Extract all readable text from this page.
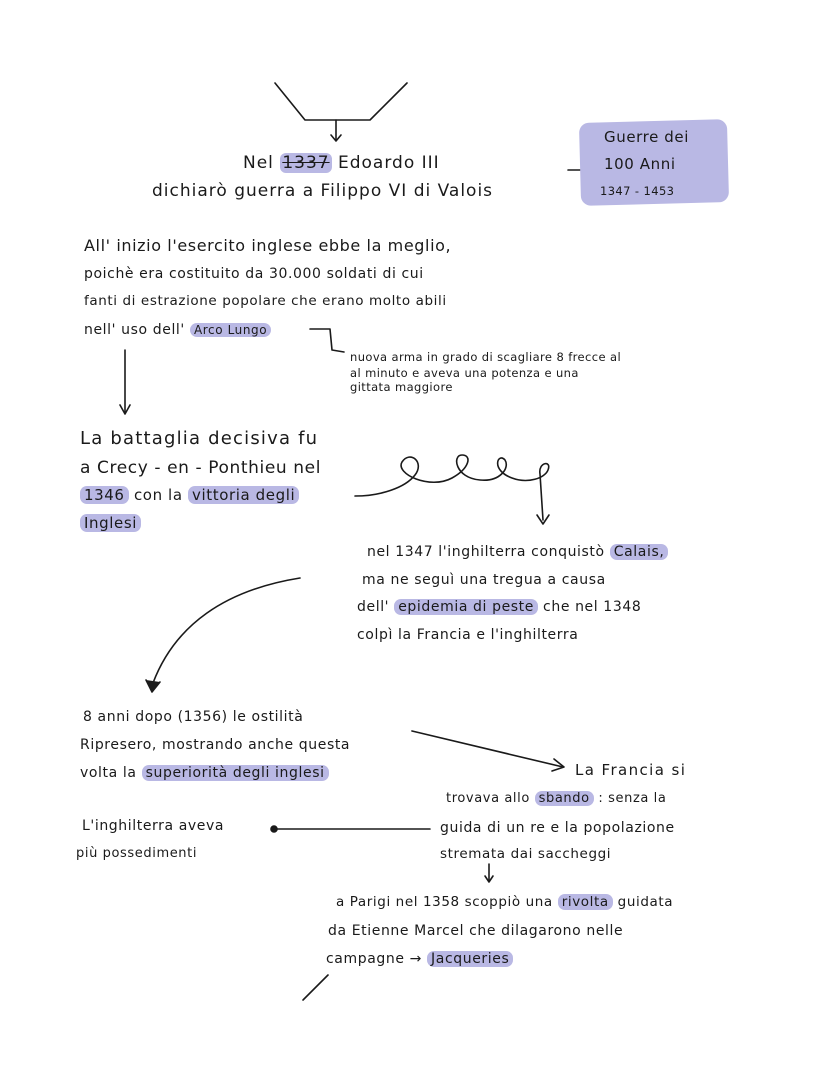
Guerre dei
100 Anni
1347 - 1453
Nel 1337 Edoardo III
dichiarò guerra a Filippo VI di Valois
All' inizio l'esercito inglese ebbe la meglio,
poichè era costituito da 30.000 soldati di cui
fanti di estrazione popolare che erano molto abili
nell' uso dell' Arco Lungo
nuova arma in grado di scagliare 8 frecce al
al minuto e aveva una potenza e una
gittata maggiore
La battaglia decisiva fu
a Crecy - en - Ponthieu nel
1346 con la vittoria degli
Inglesi
nel 1347 l'inghilterra conquistò Calais,
ma ne seguì una tregua a causa
dell' epidemia di peste che nel 1348
colpì la Francia e l'inghilterra
8 anni dopo (1356) le ostilità
Ripresero, mostrando anche questa
volta la superiorità degli inglesi	La Francia si
trovava allo sbando : senza la
guida di un re e la popolazione
stremata dai saccheggi
L'inghilterra aveva
più possedimenti
a Parigi nel 1358 scoppiò una rivolta guidata
da Etienne Marcel che dilagarono nelle
campagne → Jacqueries
